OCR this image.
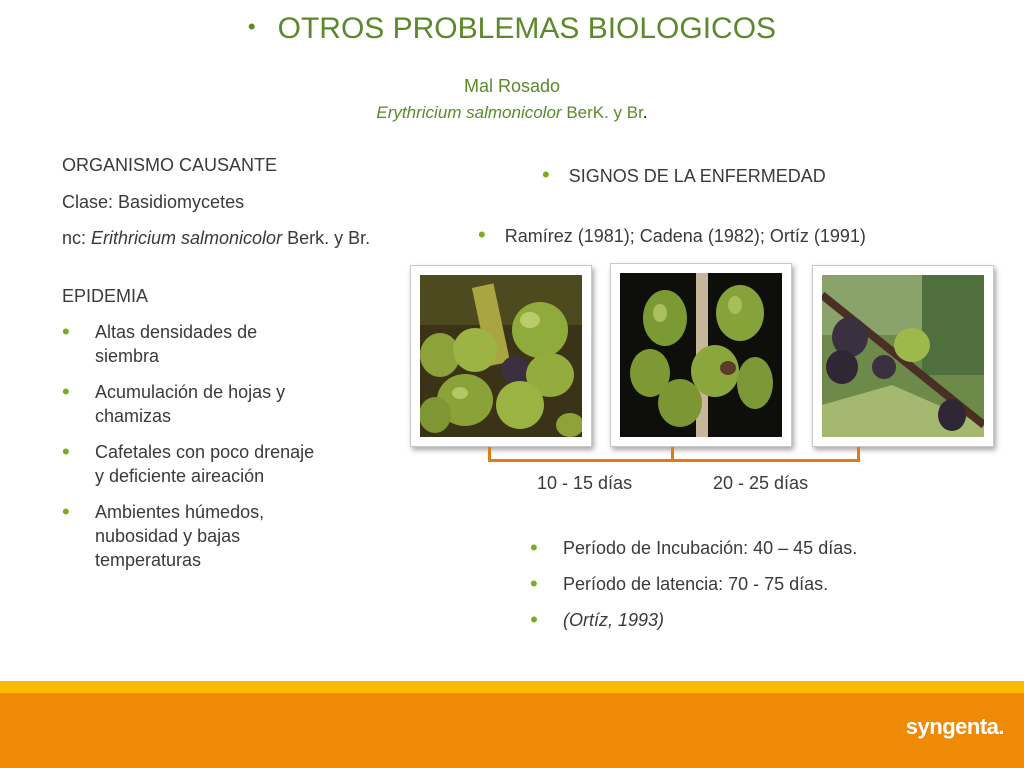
• OTROS PROBLEMAS BIOLOGICOS
Mal Rosado
Erythricium salmonicolor BerK. y Br.
ORGANISMO CAUSANTE
Clase: Basidiomycetes
nc: Erithricium salmonicolor Berk. y Br.
EPIDEMIA
• Altas densidades de siembra
• Acumulación de hojas y chamizas
• Cafetales con poco drenaje y deficiente aireación
• Ambientes húmedos, nubosidad y bajas temperaturas
• SIGNOS DE LA ENFERMEDAD
• Ramírez (1981); Cadena (1982); Ortíz (1991)
10 - 15 días	20 - 25 días
• Período de Incubación: 40 – 45 días.
• Período de latencia: 70 - 75 días.
• (Ortíz, 1993)
syngenta.
